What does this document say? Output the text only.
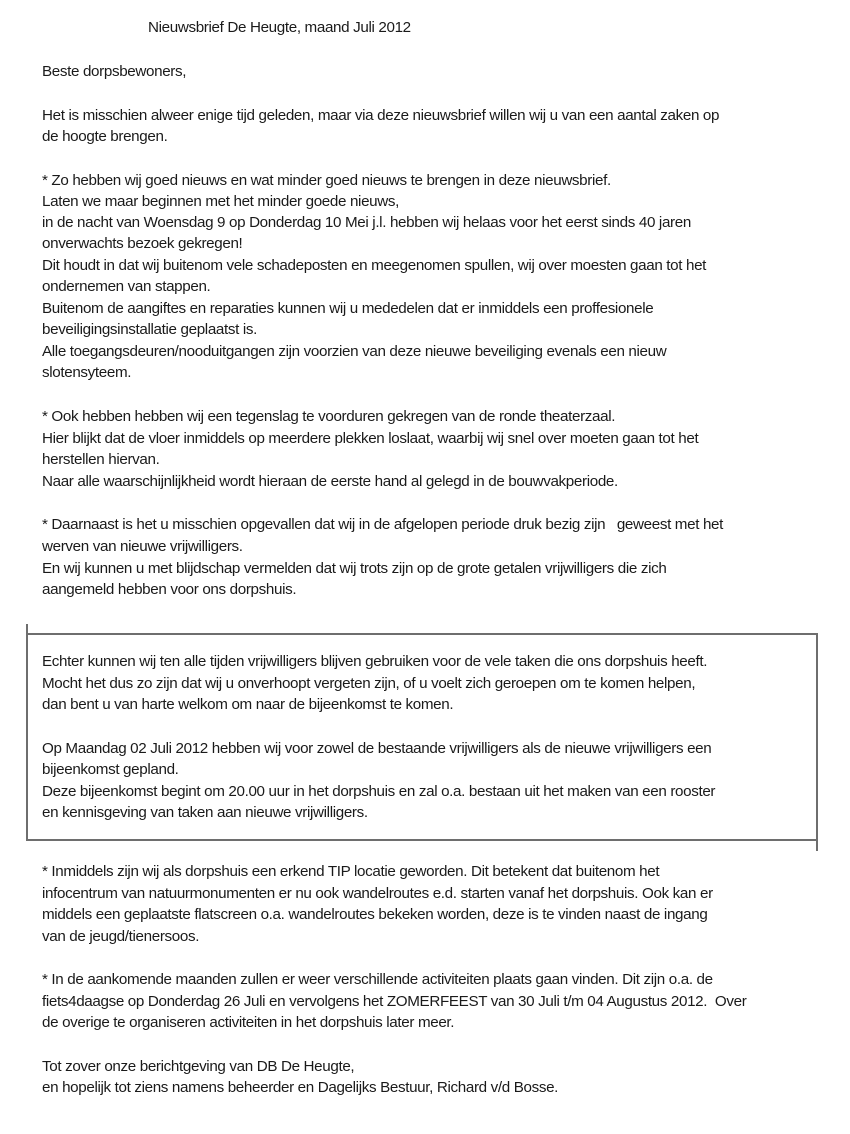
Nieuwsbrief De Heugte, maand Juli 2012
Beste dorpsbewoners,
Het is misschien alweer enige tijd geleden, maar via deze nieuwsbrief willen wij u van een aantal zaken op
de hoogte brengen.
* Zo hebben wij goed nieuws en wat minder goed nieuws te brengen in deze nieuwsbrief.
Laten we maar beginnen met het minder goede nieuws,
in de nacht van Woensdag 9 op Donderdag 10 Mei j.l. hebben wij helaas voor het eerst sinds 40 jaren
onverwachts bezoek gekregen!
Dit houdt in dat wij buitenom vele schadeposten en meegenomen spullen, wij over moesten gaan tot het
ondernemen van stappen.
Buitenom de aangiftes en reparaties kunnen wij u mededelen dat er inmiddels een proffesionele
beveiligingsinstallatie geplaatst is.
Alle toegangsdeuren/nooduitgangen zijn voorzien van deze nieuwe beveiliging evenals een nieuw
slotensyteem.
* Ook hebben hebben wij een tegenslag te voorduren gekregen van de ronde theaterzaal.
Hier blijkt dat de vloer inmiddels op meerdere plekken loslaat, waarbij wij snel over moeten gaan tot het
herstellen hiervan.
Naar alle waarschijnlijkheid wordt hieraan de eerste hand al gelegd in de bouwvakperiode.
* Daarnaast is het u misschien opgevallen dat wij in de afgelopen periode druk bezig zijn   geweest met het
werven van nieuwe vrijwilligers.
En wij kunnen u met blijdschap vermelden dat wij trots zijn op de grote getalen vrijwilligers die zich
aangemeld hebben voor ons dorpshuis.
Echter kunnen wij ten alle tijden vrijwilligers blijven gebruiken voor de vele taken die ons dorpshuis heeft.
Mocht het dus zo zijn dat wij u onverhoopt vergeten zijn, of u voelt zich geroepen om te komen helpen,
dan bent u van harte welkom om naar de bijeenkomst te komen.
Op Maandag 02 Juli 2012 hebben wij voor zowel de bestaande vrijwilligers als de nieuwe vrijwilligers een
bijeenkomst gepland.
Deze bijeenkomst begint om 20.00 uur in het dorpshuis en zal o.a. bestaan uit het maken van een rooster
en kennisgeving van taken aan nieuwe vrijwilligers.
* Inmiddels zijn wij als dorpshuis een erkend TIP locatie geworden. Dit betekent dat buitenom het
infocentrum van natuurmonumenten er nu ook wandelroutes e.d. starten vanaf het dorpshuis. Ook kan er
middels een geplaatste flatscreen o.a. wandelroutes bekeken worden, deze is te vinden naast de ingang
van de jeugd/tienersoos.
* In de aankomende maanden zullen er weer verschillende activiteiten plaats gaan vinden. Dit zijn o.a. de
fiets4daagse op Donderdag 26 Juli en vervolgens het ZOMERFEEST van 30 Juli t/m 04 Augustus 2012.  Over
de overige te organiseren activiteiten in het dorpshuis later meer.
Tot zover onze berichtgeving van DB De Heugte,
en hopelijk tot ziens namens beheerder en Dagelijks Bestuur, Richard v/d Bosse.
